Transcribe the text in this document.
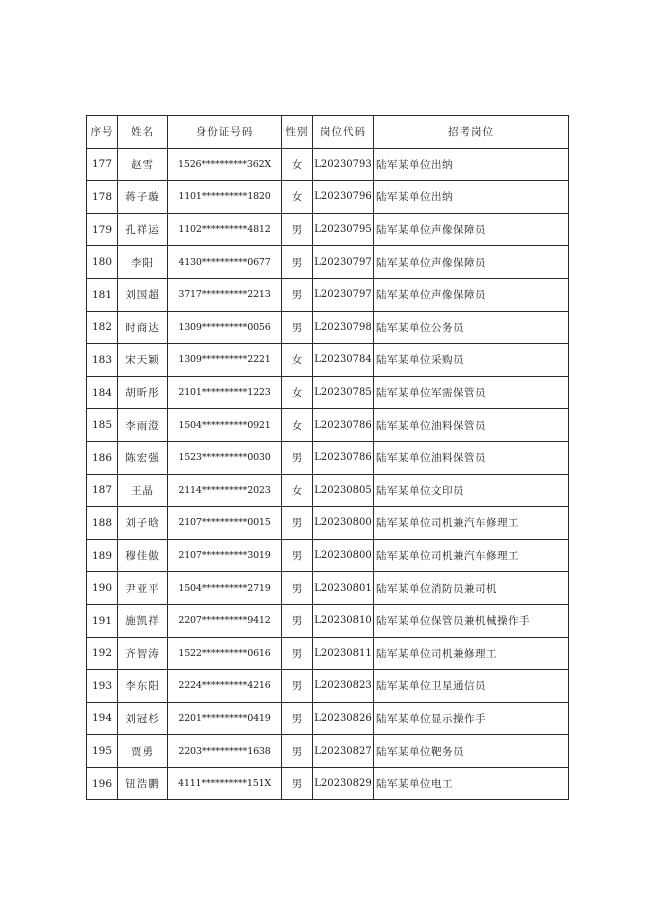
序号	姓名	身份证号码	性别	岗位代码	招考岗位
177	赵雪	1526**********362X	女	L20230793	陆军某单位出纳
178	蒋子璇	1101**********1820	女	L20230796	陆军某单位出纳
179	孔祥运	1102**********4812	男	L20230795	陆军某单位声像保障员
180	李阳	4130**********0677	男	L20230797	陆军某单位声像保障员
181	刘国超	3717**********2213	男	L20230797	陆军某单位声像保障员
182	时商达	1309**********0056	男	L20230798	陆军某单位公务员
183	宋天颖	1309**********2221	女	L20230784	陆军某单位采购员
184	胡昕彤	2101**********1223	女	L20230785	陆军某单位军需保管员
185	李雨澄	1504**********0921	女	L20230786	陆军某单位油料保管员
186	陈宏强	1523**********0030	男	L20230786	陆军某单位油料保管员
187	王晶	2114**********2023	女	L20230805	陆军某单位文印员
188	刘子晗	2107**********0015	男	L20230800	陆军某单位司机兼汽车修理工
189	穆佳傲	2107**********3019	男	L20230800	陆军某单位司机兼汽车修理工
190	尹亚平	1504**********2719	男	L20230801	陆军某单位消防员兼司机
191	施凯祥	2207**********9412	男	L20230810	陆军某单位保管员兼机械操作手
192	齐智涛	1522**********0616	男	L20230811	陆军某单位司机兼修理工
193	李东阳	2224**********4216	男	L20230823	陆军某单位卫星通信员
194	刘冠杉	2201**********0419	男	L20230826	陆军某单位显示操作手
195	贾勇	2203**********1638	男	L20230827	陆军某单位靶务员
196	钮浩鹏	4111**********151X	男	L20230829	陆军某单位电工
